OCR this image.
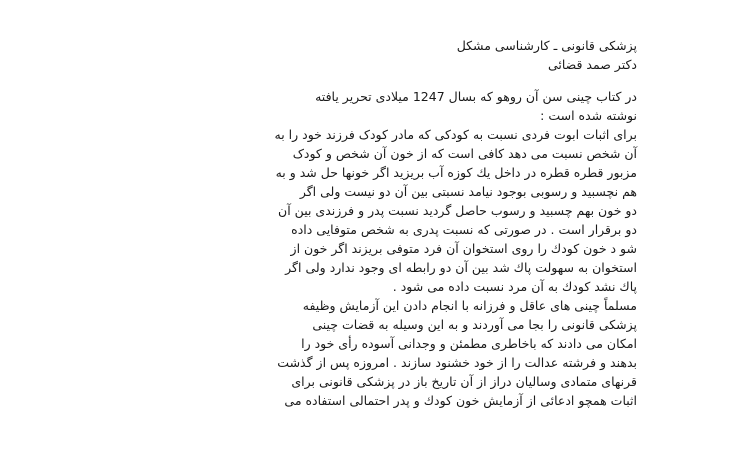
پزشکی قانونی ـ کارشناسی مشکل
دکتر صمد قضائی
در کتاب چینی سن آن روهو که بسال 1247 میلادی تحریر یافته
نوشته شده است :
برای اثبات ابوت فردی نسبت به کودکی که مادر کودک فرزند خود را به
آن شخص نسبت می دهد کافی است که از خون آن شخص و کودک
مزبور قطره قطره در داخل یك کوزه آب بریزید اگر خونها حل شد و به
هم نچسبید و رسوبی بوجود نیامد نسبتی بین آن دو نیست ولی اگر
دو خون بهم چسبید و رسوب حاصل گردید نسبت پدر و فرزندی بین آن
دو برقرار است . در صورتی که نسبت پدری به شخص متوفایی داده
شو د خون کودك را روی استخوان آن فرد متوفی بریزند اگر خون از
استخوان به سهولت پاك شد بین آن دو رابطه ای وجود ندارد ولی اگر
پاك نشد کودك به آن مرد نسبت داده می شود .
مسلماً چینی های عاقل و فرزانه با انجام دادن این آزمایش وظیفه
پزشکی قانونی را بجا می آوردند و به این وسیله به قضات چینی
امکان می دادند که باخاطری مطمئن و وجدانی آسوده رأی خود را
بدهند و فرشته عدالت را از خود خشنود سازند . امروزه پس از گذشت
قرنهای متمادی وسالیان دراز از آن تاریخ باز در پزشکی قانونی برای
اثبات همچو ادعائی از آزمایش خون کودك و پدر احتمالی استفاده می
